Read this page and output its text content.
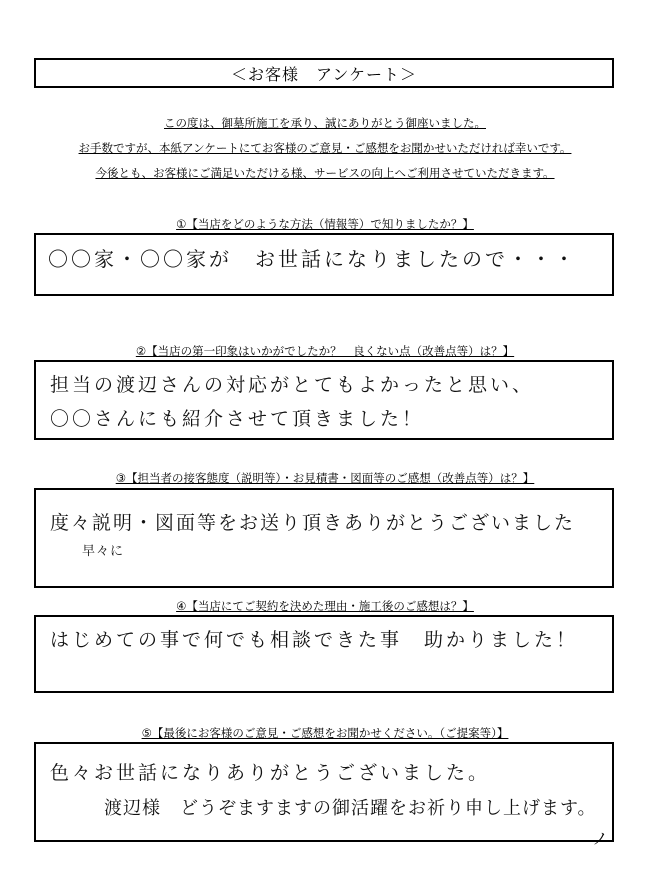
＜お客様　アンケート＞
この度は、御墓所施工を承り、誠にありがとう御座いました。
お手数ですが、本紙アンケートにてお客様のご意見・ご感想をお聞かせいただければ幸いです。
今後とも、お客様にご満足いただける様、サービスの向上へご利用させていただきます。
①【当店をどのような方法（情報等）で知りましたか？】
〇〇家・〇〇家が　お世話になりましたので・・・
②【当店の第一印象はいかがでしたか？　良くない点（改善点等）は？】
担当の渡辺さんの対応がとてもよかったと思い、
〇〇さんにも紹介させて頂きました！
③【担当者の接客態度（説明等）・お見積書・図面等のご感想（改善点等）は？】
度々説明・図面等をお送り頂きありがとうございました
早々に
④【当店にてご契約を決めた理由・施工後のご感想は？】
はじめての事で何でも相談できた事　助かりました！
⑤【最後にお客様のご意見・ご感想をお聞かせください。（ご提案等）】
色々お世話になりありがとうございました。
渡辺様　どうぞますますの御活躍をお祈り申し上げます。
ノ
